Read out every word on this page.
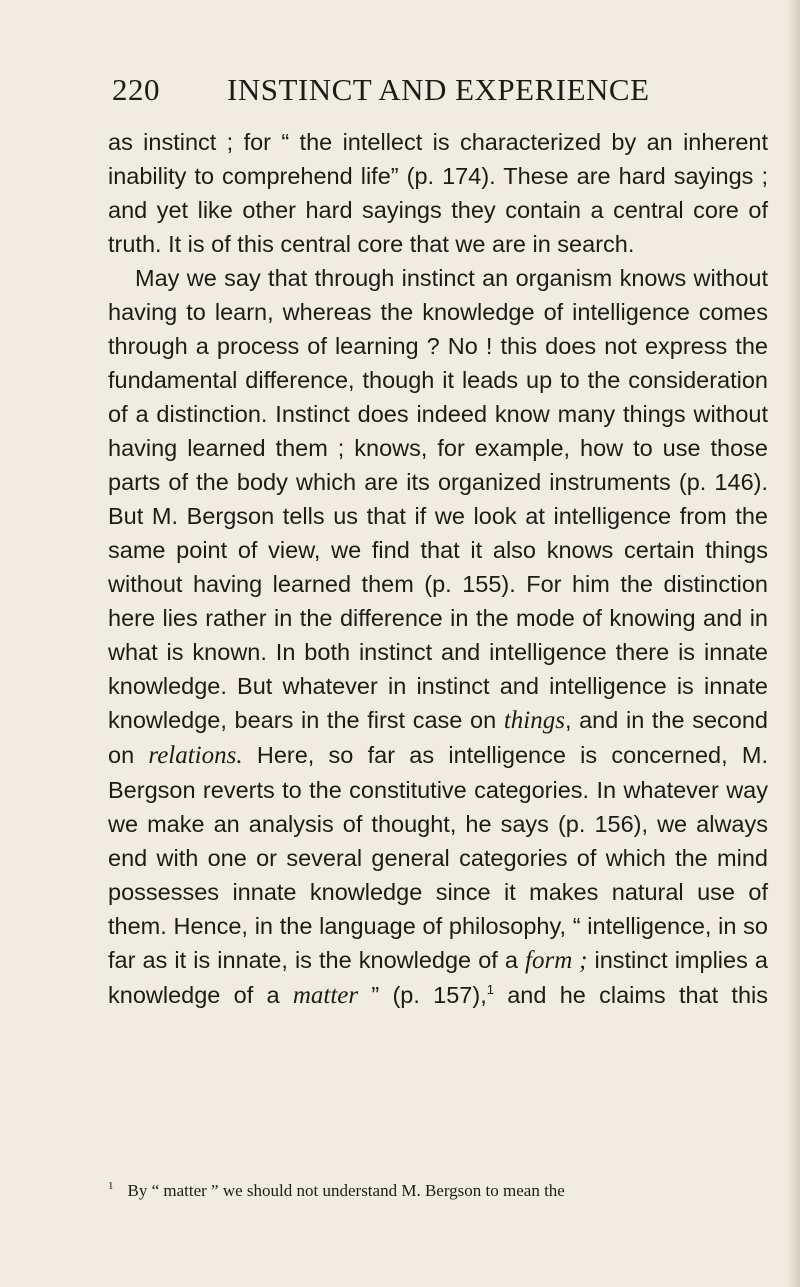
220 INSTINCT AND EXPERIENCE

as instinct ; for “ the intellect is characterized by an inherent inability to comprehend life” (p. 174). These are hard sayings ; and yet like other hard sayings they contain a central core of truth. It is of this central core that we are in search.

May we say that through instinct an organism knows without having to learn, whereas the knowledge of intelligence comes through a process of learning ? No ! this does not express the fundamental difference, though it leads up to the consideration of a distinction. Instinct does indeed know many things without having learned them ; knows, for example, how to use those parts of the body which are its organized instruments (p. 146). But M. Bergson tells us that if we look at intelligence from the same point of view, we find that it also knows certain things without having learned them (p. 155). For him the distinction here lies rather in the difference in the mode of knowing and in what is known. In both instinct and intelligence there is innate knowledge. But whatever in instinct and intelligence is innate knowledge, bears in the first case on things, and in the second on relations. Here, so far as intelligence is concerned, M. Bergson reverts to the constitutive categories. In whatever way we make an analysis of thought, he says (p. 156), we always end with one or several general categories of which the mind possesses innate knowledge since it makes natural use of them. Hence, in the language of philosophy, “ intelligence, in so far as it is innate, is the knowledge of a form ; instinct implies a knowledge of a matter ” (p. 157),$^1$ and he claims that this

$^1$ By “ matter ” we should not understand M. Bergson to mean the
